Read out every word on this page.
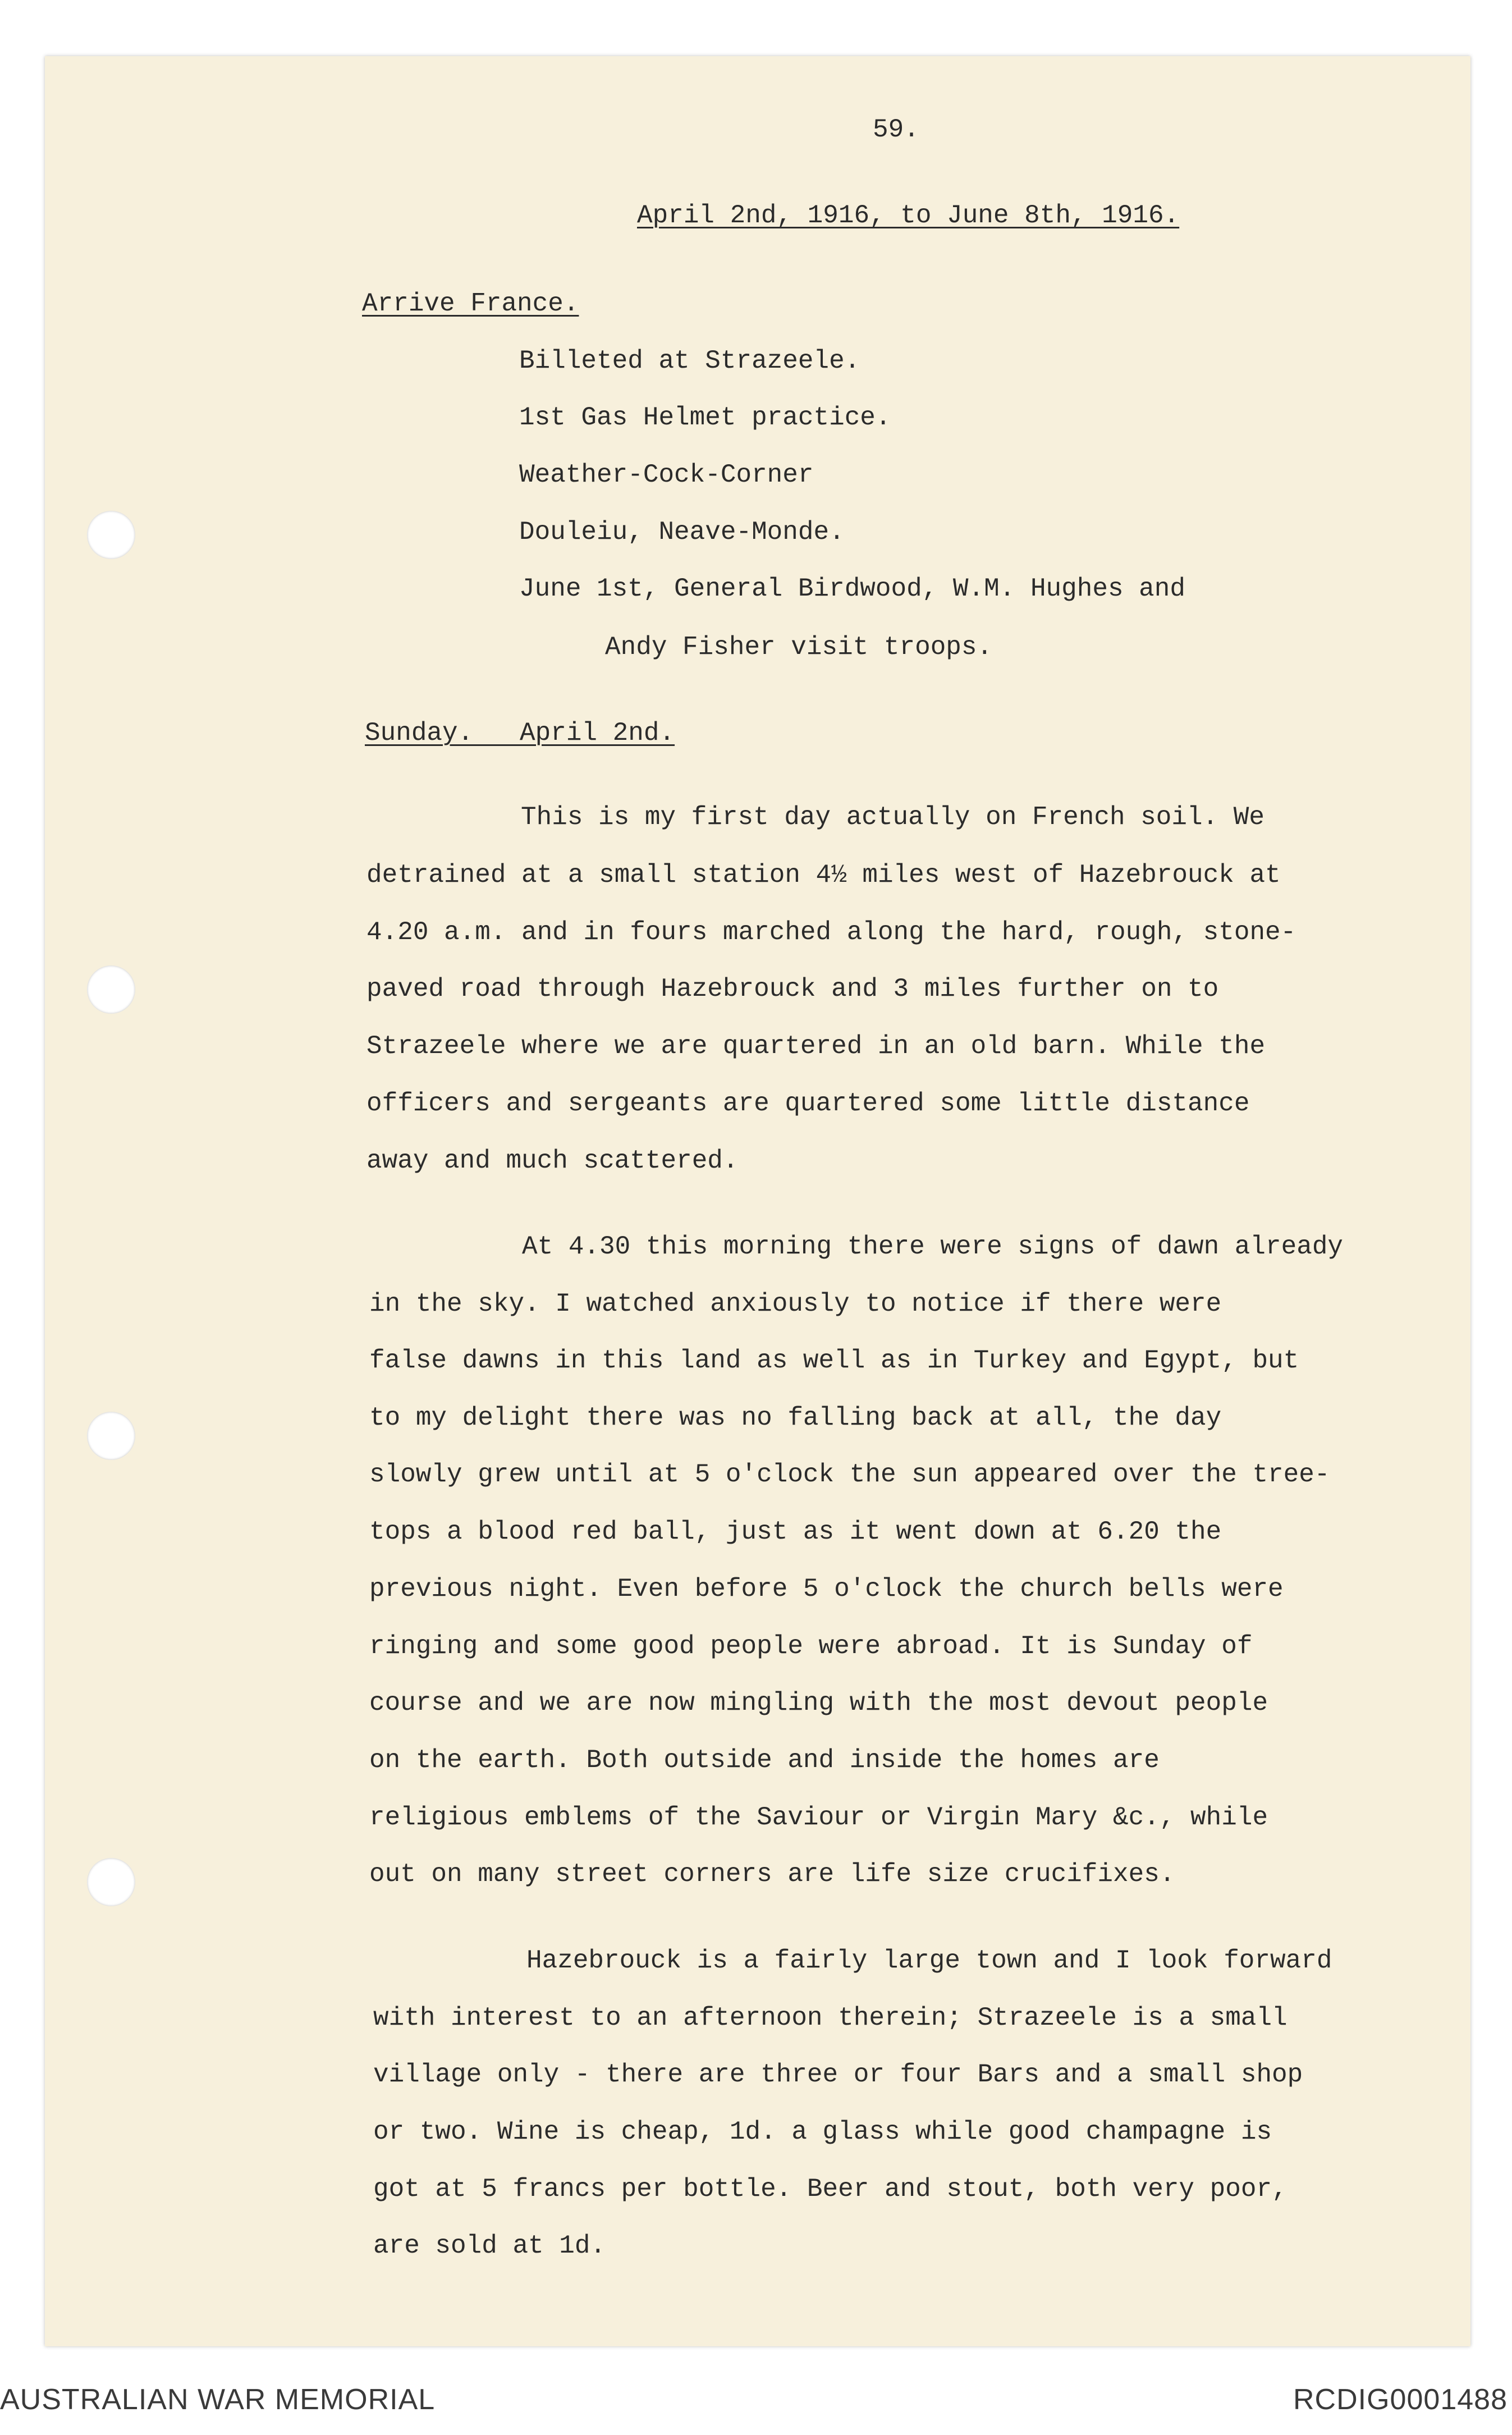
59.
April 2nd, 1916, to June 8th, 1916.
Arrive France.
Billeted at Strazeele.
1st Gas Helmet practice.
Weather-Cock-Corner
Douleiu, Neave-Monde.
June 1st, General Birdwood, W.M. Hughes and
Andy Fisher visit troops.
Sunday.   April 2nd.
This is my first day actually on French soil. We
detrained at a small station 4½ miles west of Hazebrouck at
4.20 a.m. and in fours marched along the hard, rough, stone-
paved road through Hazebrouck and 3 miles further on to
Strazeele where we are quartered in an old barn. While the
officers and sergeants are quartered some little distance
away and much scattered.
At 4.30 this morning there were signs of dawn already
in the sky. I watched anxiously to notice if there were
false dawns in this land as well as in Turkey and Egypt, but
to my delight there was no falling back at all, the day
slowly grew until at 5 o'clock the sun appeared over the tree-
tops a blood red ball, just as it went down at 6.20 the
previous night. Even before 5 o'clock the church bells were
ringing and some good people were abroad. It is Sunday of
course and we are now mingling with the most devout people
on the earth. Both outside and inside the homes are
religious emblems of the Saviour or Virgin Mary &c., while
out on many street corners are life size crucifixes.
Hazebrouck is a fairly large town and I look forward
with interest to an afternoon therein; Strazeele is a small
village only - there are three or four Bars and a small shop
or two. Wine is cheap, 1d. a glass while good champagne is
got at 5 francs per bottle. Beer and stout, both very poor,
are sold at 1d.
AUSTRALIAN WAR MEMORIAL	RCDIG0001488
